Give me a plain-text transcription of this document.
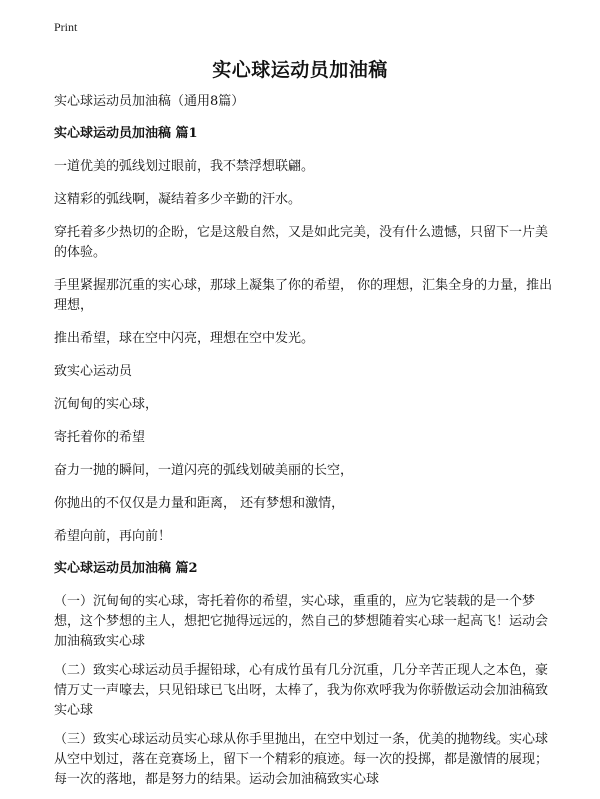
Print
实心球运动员加油稿

实心球运动员加油稿（通用8篇）

实心球运动员加油稿 篇1

一道优美的弧线划过眼前，我不禁浮想联翩。

这精彩的弧线啊，凝结着多少辛勤的汗水。

穿托着多少热切的企盼，它是这般自然，又是如此完美，没有什么遗憾，只留下一片美的体验。

手里紧握那沉重的实心球，那球上凝集了你的希望， 你的理想，汇集全身的力量，推出理想，

推出希望，球在空中闪亮，理想在空中发光。

致实心运动员

沉甸甸的实心球，

寄托着你的希望

奋力一抛的瞬间，一道闪亮的弧线划破美丽的长空，

你抛出的不仅仅是力量和距离， 还有梦想和激情，

希望向前，再向前！

实心球运动员加油稿 篇2

（一）沉甸甸的实心球，寄托着你的希望，实心球，重重的，应为它装载的是一个梦想，这个梦想的主人，想把它抛得远远的，然自己的梦想随着实心球一起高飞！运动会加油稿致实心球

（二）致实心球运动员手握铅球，心有成竹虽有几分沉重，几分辛苦正现人之本色，豪情万丈一声嚎去，只见铅球已飞出呀，太棒了，我为你欢呼我为你骄傲运动会加油稿致实心球

（三）致实心球运动员实心球从你手里抛出，在空中划过一条，优美的抛物线。实心球从空中划过，落在竞赛场上，留下一个精彩的痕迹。每一次的投掷，都是激情的展现；每一次的落地，都是努力的结果。运动会加油稿致实心球
